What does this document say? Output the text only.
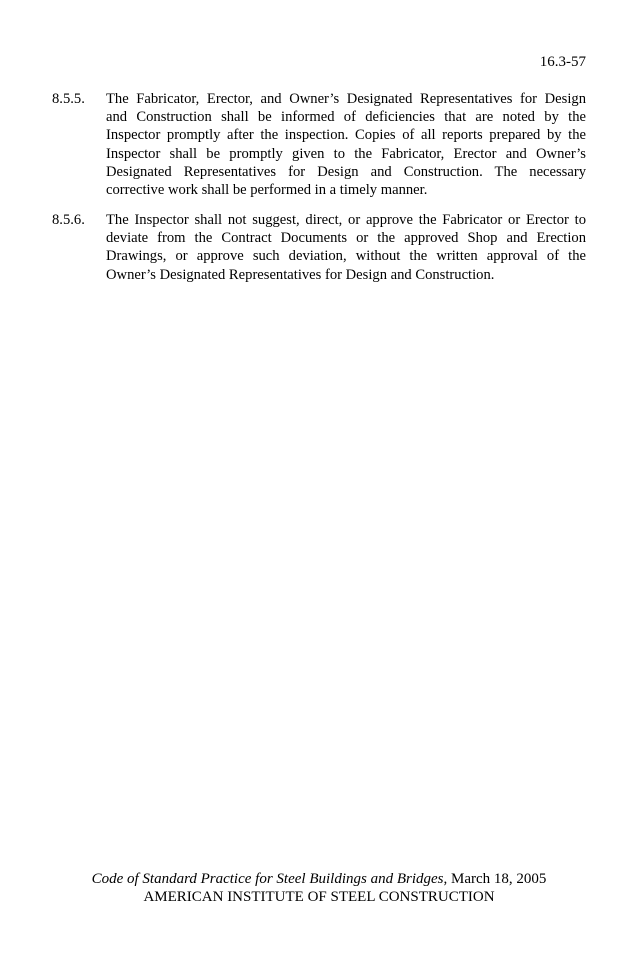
16.3-57
8.5.5.	The Fabricator, Erector, and Owner’s Designated Representatives for Design
and Construction shall be informed of deficiencies that are noted by the
Inspector promptly after the inspection. Copies of all reports prepared by the
Inspector shall be promptly given to the Fabricator, Erector and Owner’s
Designated Representatives for Design and Construction. The necessary
corrective work shall be performed in a timely manner.
8.5.6.	The Inspector shall not suggest, direct, or approve the Fabricator or Erector to
deviate from the Contract Documents or the approved Shop and Erection
Drawings, or approve such deviation, without the written approval of the
Owner’s Designated Representatives for Design and Construction.
Code of Standard Practice for Steel Buildings and Bridges, March 18, 2005
AMERICAN INSTITUTE OF STEEL CONSTRUCTION
